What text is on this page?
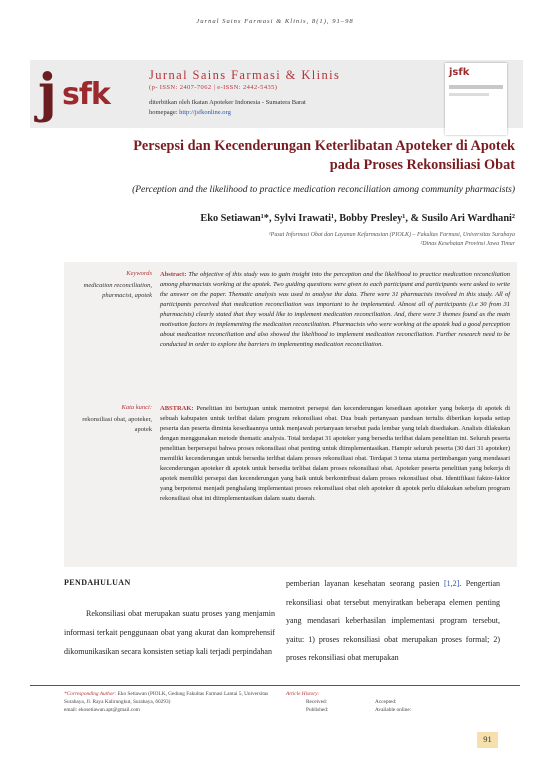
Jurnal Sains Farmasi & Klinis, 8(1), 91–98
j sfk
Jurnal Sains Farmasi & Klinis
(p- ISSN: 2407-7062 | e-ISSN: 2442-5435)
diterbitkan oleh Ikatan Apoteker Indonesia - Sumatera Barat
homepage: http://jsfkonline.org
jsfk
Persepsi dan Kecenderungan Keterlibatan Apoteker di Apotek
pada Proses Rekonsiliasi Obat
(Perception and the likelihood to practice medication reconciliation among community pharmacists)
Eko Setiawan¹*, Sylvi Irawati¹, Bobby Presley¹, & Susilo Ari Wardhani²
¹Pusat Informasi Obat dan Layanan Kefarmasian (PIOLK) – Fakultas Farmasi, Universitas Surabaya
²Dinas Kesehatan Provinsi Jawa Timur
Keywords
medication reconciliation, pharmacist, apotek
Abstract: The objective of this study was to gain insight into the perception and the likelihood to practice medication reconciliation among pharmacists working at the apotek. Two guiding questions were given to each participant and participants were asked to write the answer on the paper. Thematic analysis was used to analyse the data. There were 31 pharmacists involved in this study. All of participants perceived that medication reconciliation was important to be implemented. Almost all of participants (i.e 30 from 31 pharmacists) clearly stated that they would like to implement medication reconciliation. And, there were 3 themes found as the main motivation factors in implementing the medication reconciliation. Pharmacists who were working at the apotek had a good perception about medication reconciliation and also showed the likelihood to implement medication reconciliation. Further research need to be conducted in order to explore the barriers in implementing medication reconciliation.
Kata kunci:
rekonsiliasi obat, apoteker, apotek
ABSTRAK: Penelitian ini bertujuan untuk memotret persepsi dan kecenderungan kesediaan apoteker yang bekerja di apotek di sebuah kabupaten untuk terlibat dalam program rekonsiliasi obat. Dua buah pertanyaan panduan tertulis diberikan kepada setiap peserta dan peserta diminta kesediaannya untuk menjawab pertanyaan tersebut pada lembar yang telah disediakan. Analisis dilakukan dengan menggunakan metode thematic analysis. Total terdapat 31 apoteker yang bersedia terlibat dalam penelitian ini. Seluruh peserta penelitian berpersepsi bahwa proses rekonsiliasi obat penting untuk diimplementasikan. Hampir seluruh peserta (30 dari 31 apoteker) memiliki kecenderungan untuk bersedia terlibat dalam proses rekonsiliasi obat. Terdapat 3 tema utama pertimbangan yang mendasari kecenderungan apoteker di apotek untuk bersedia terlibat dalam proses rekonsiliasi obat. Apoteker peserta penelitian yang bekerja di apotek memiliki persepsi dan kecenderungan yang baik untuk berkontribusi dalam proses rekonsiliasi obat. Identifikasi faktor-faktor yang berpotensi menjadi penghalang implementasi proses rekonsiliasi obat oleh apoteker di apotek perlu dilakukan sebelum program rekonsiliasi obat ini diimplementasikan dalam suatu daerah.
PENDAHULUAN
Rekonsiliasi obat merupakan suatu proses yang menjamin informasi terkait penggunaan obat yang akurat dan komprehensif dikomunikasikan secara konsisten setiap kali terjadi perpindahan
pemberian layanan kesehatan seorang pasien [1,2]. Pengertian rekonsiliasi obat tersebut menyiratkan beberapa elemen penting yang mendasari keberhasilan implementasi program tersebut, yaitu: 1) proses rekonsiliasi obat merupakan proses formal; 2) proses rekonsiliasi obat merupakan
*Corresponding Author: Eko Setiawan (PIOLK, Gedung Fakultas Farmasi Lantai 5, Universitas Surabaya, Jl. Raya Kalirungkut, Surabaya, 60293)
email: ekosetiawan.apt@gmail.com
Article History:
Received:	Accepted:
Published:	Available online:
91
